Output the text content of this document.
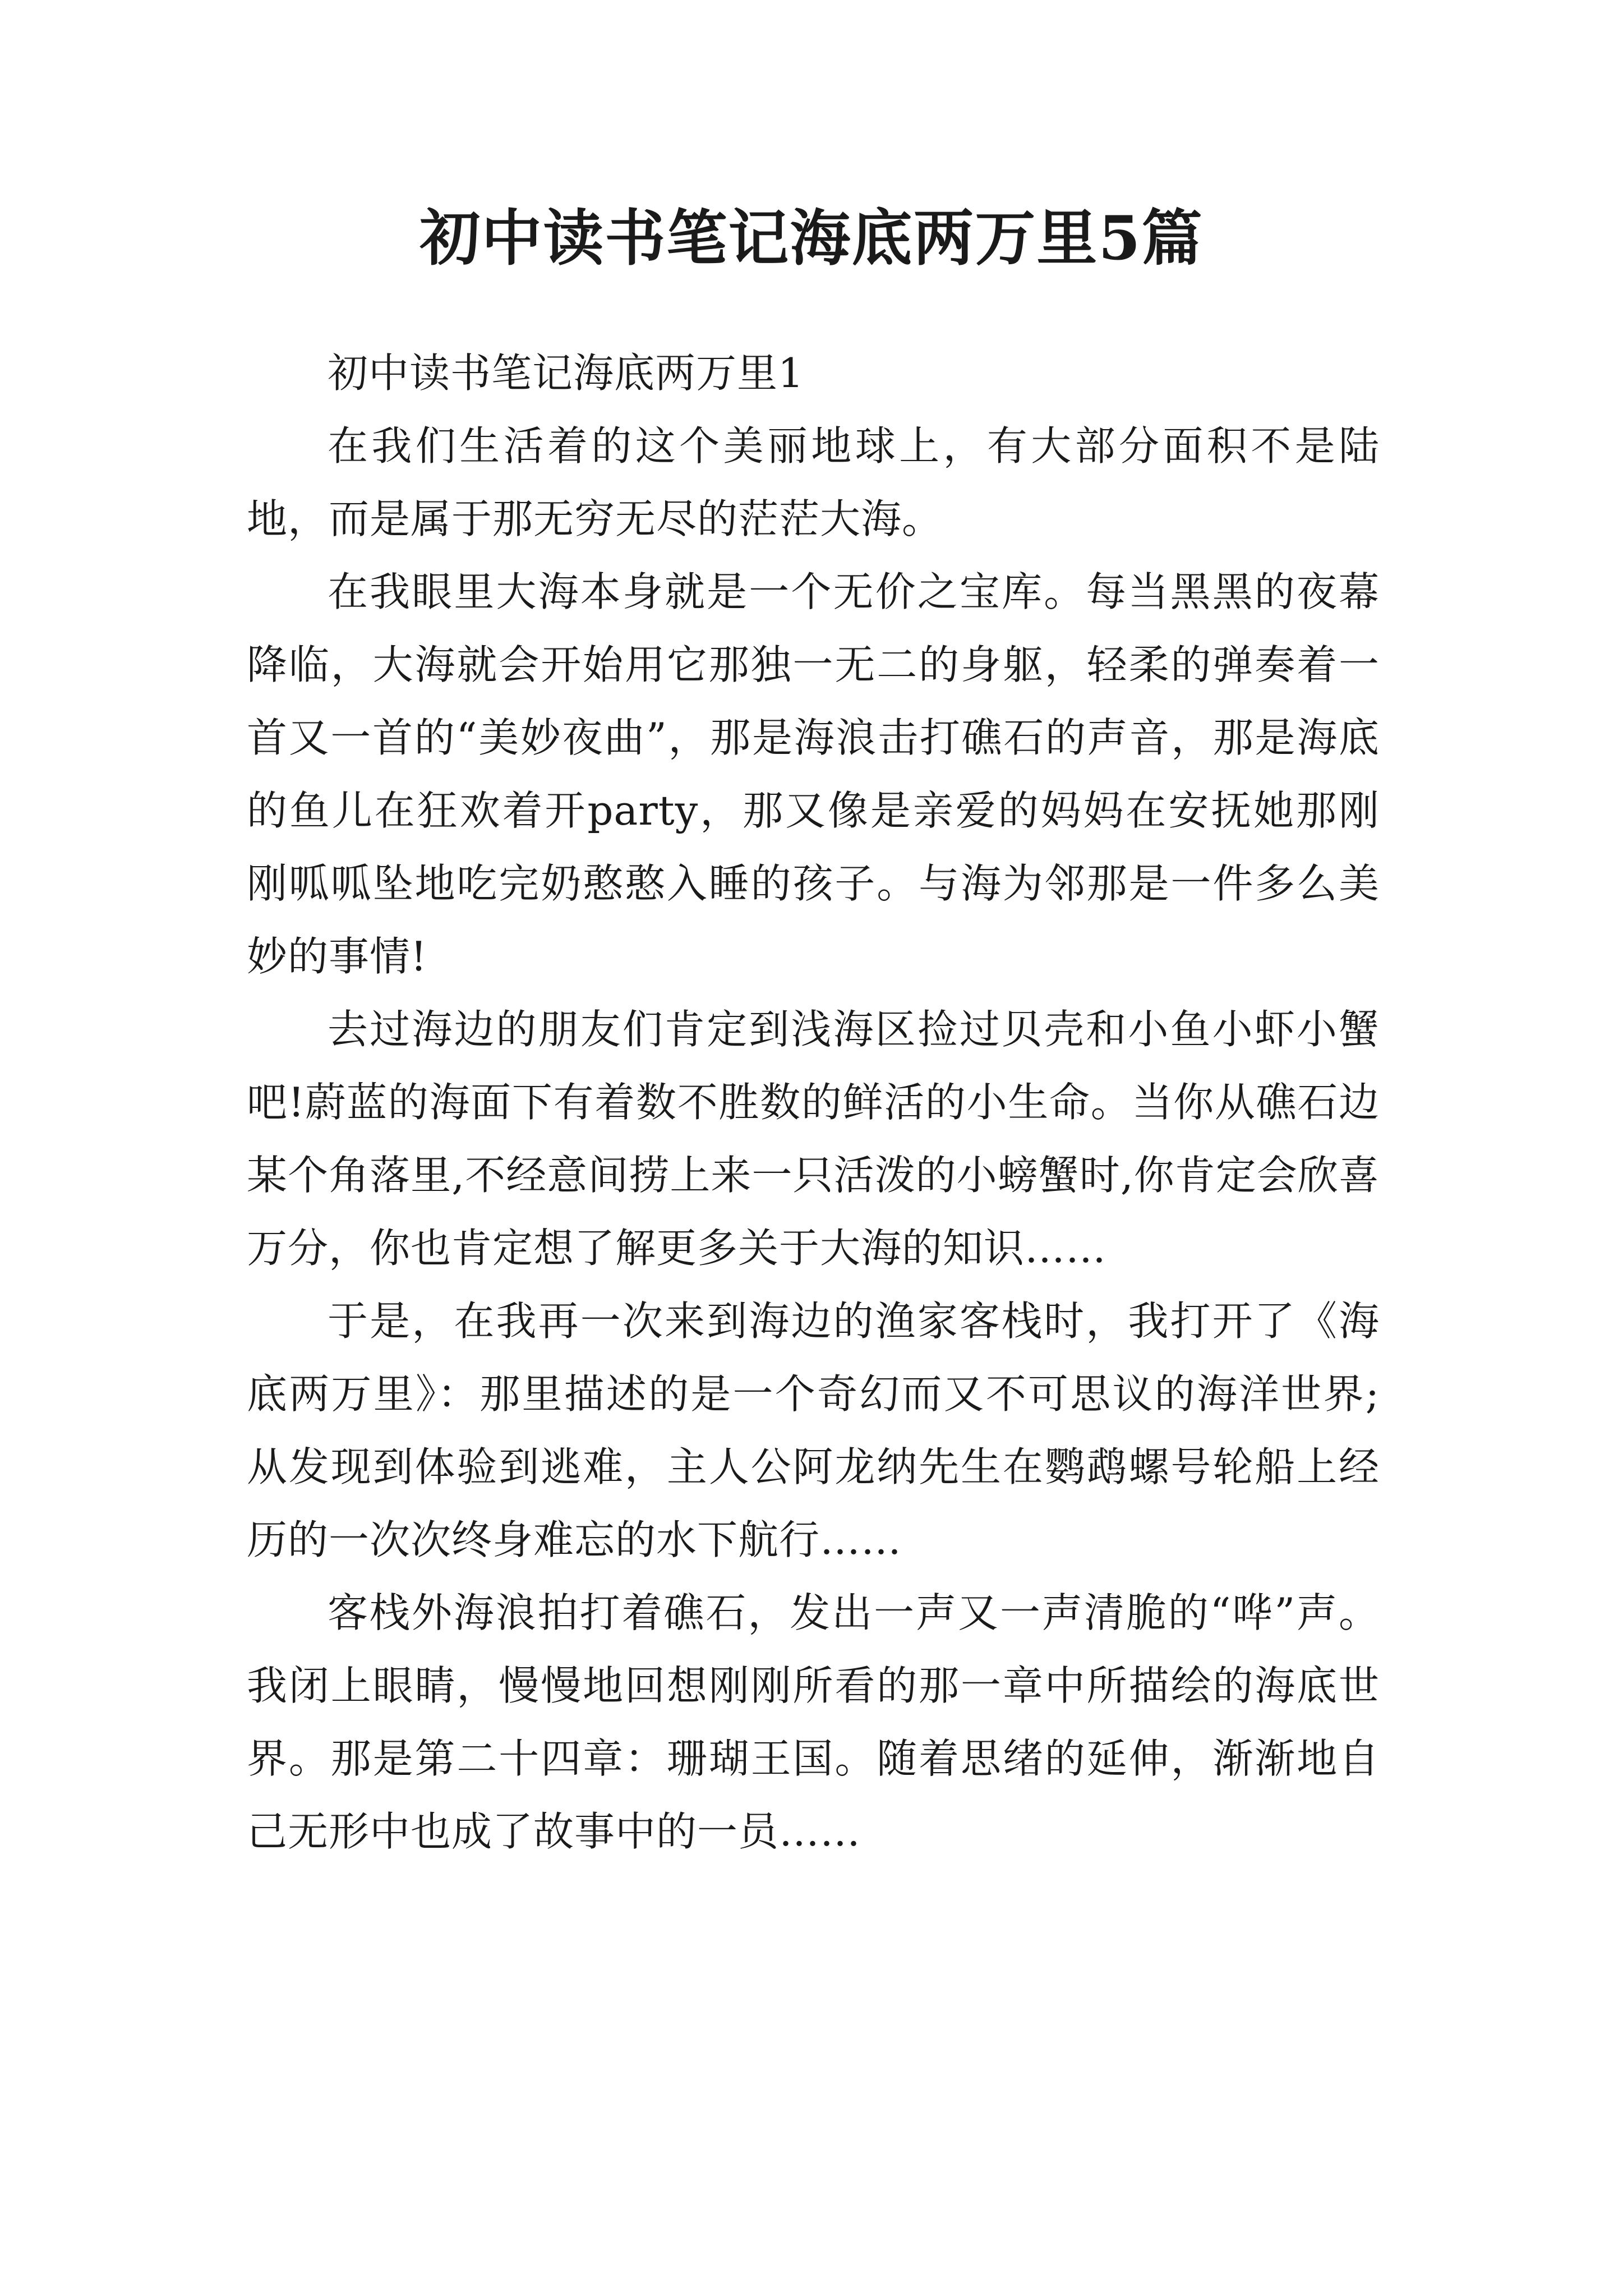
初中读书笔记海底两万里5篇

初中读书笔记海底两万里1

在我们生活着的这个美丽地球上，有大部分面积不是陆地，而是属于那无穷无尽的茫茫大海。

在我眼里大海本身就是一个无价之宝库。每当黑黑的夜幕降临，大海就会开始用它那独一无二的身躯，轻柔的弹奏着一首又一首的“美妙夜曲”，那是海浪击打礁石的声音，那是海底的鱼儿在狂欢着开party，那又像是亲爱的妈妈在安抚她那刚刚呱呱坠地吃完奶憨憨入睡的孩子。与海为邻那是一件多么美妙的事情!

去过海边的朋友们肯定到浅海区捡过贝壳和小鱼小虾小蟹吧!蔚蓝的海面下有着数不胜数的鲜活的小生命。当你从礁石边某个角落里,不经意间捞上来一只活泼的小螃蟹时,你肯定会欣喜万分，你也肯定想了解更多关于大海的知识……

于是，在我再一次来到海边的渔家客栈时，我打开了《海底两万里》：那里描述的是一个奇幻而又不可思议的海洋世界;从发现到体验到逃难，主人公阿龙纳先生在鹦鹉螺号轮船上经历的一次次终身难忘的水下航行……

客栈外海浪拍打着礁石，发出一声又一声清脆的“哗”声。我闭上眼睛，慢慢地回想刚刚所看的那一章中所描绘的海底世界。那是第二十四章：珊瑚王国。随着思绪的延伸，渐渐地自己无形中也成了故事中的一员……
